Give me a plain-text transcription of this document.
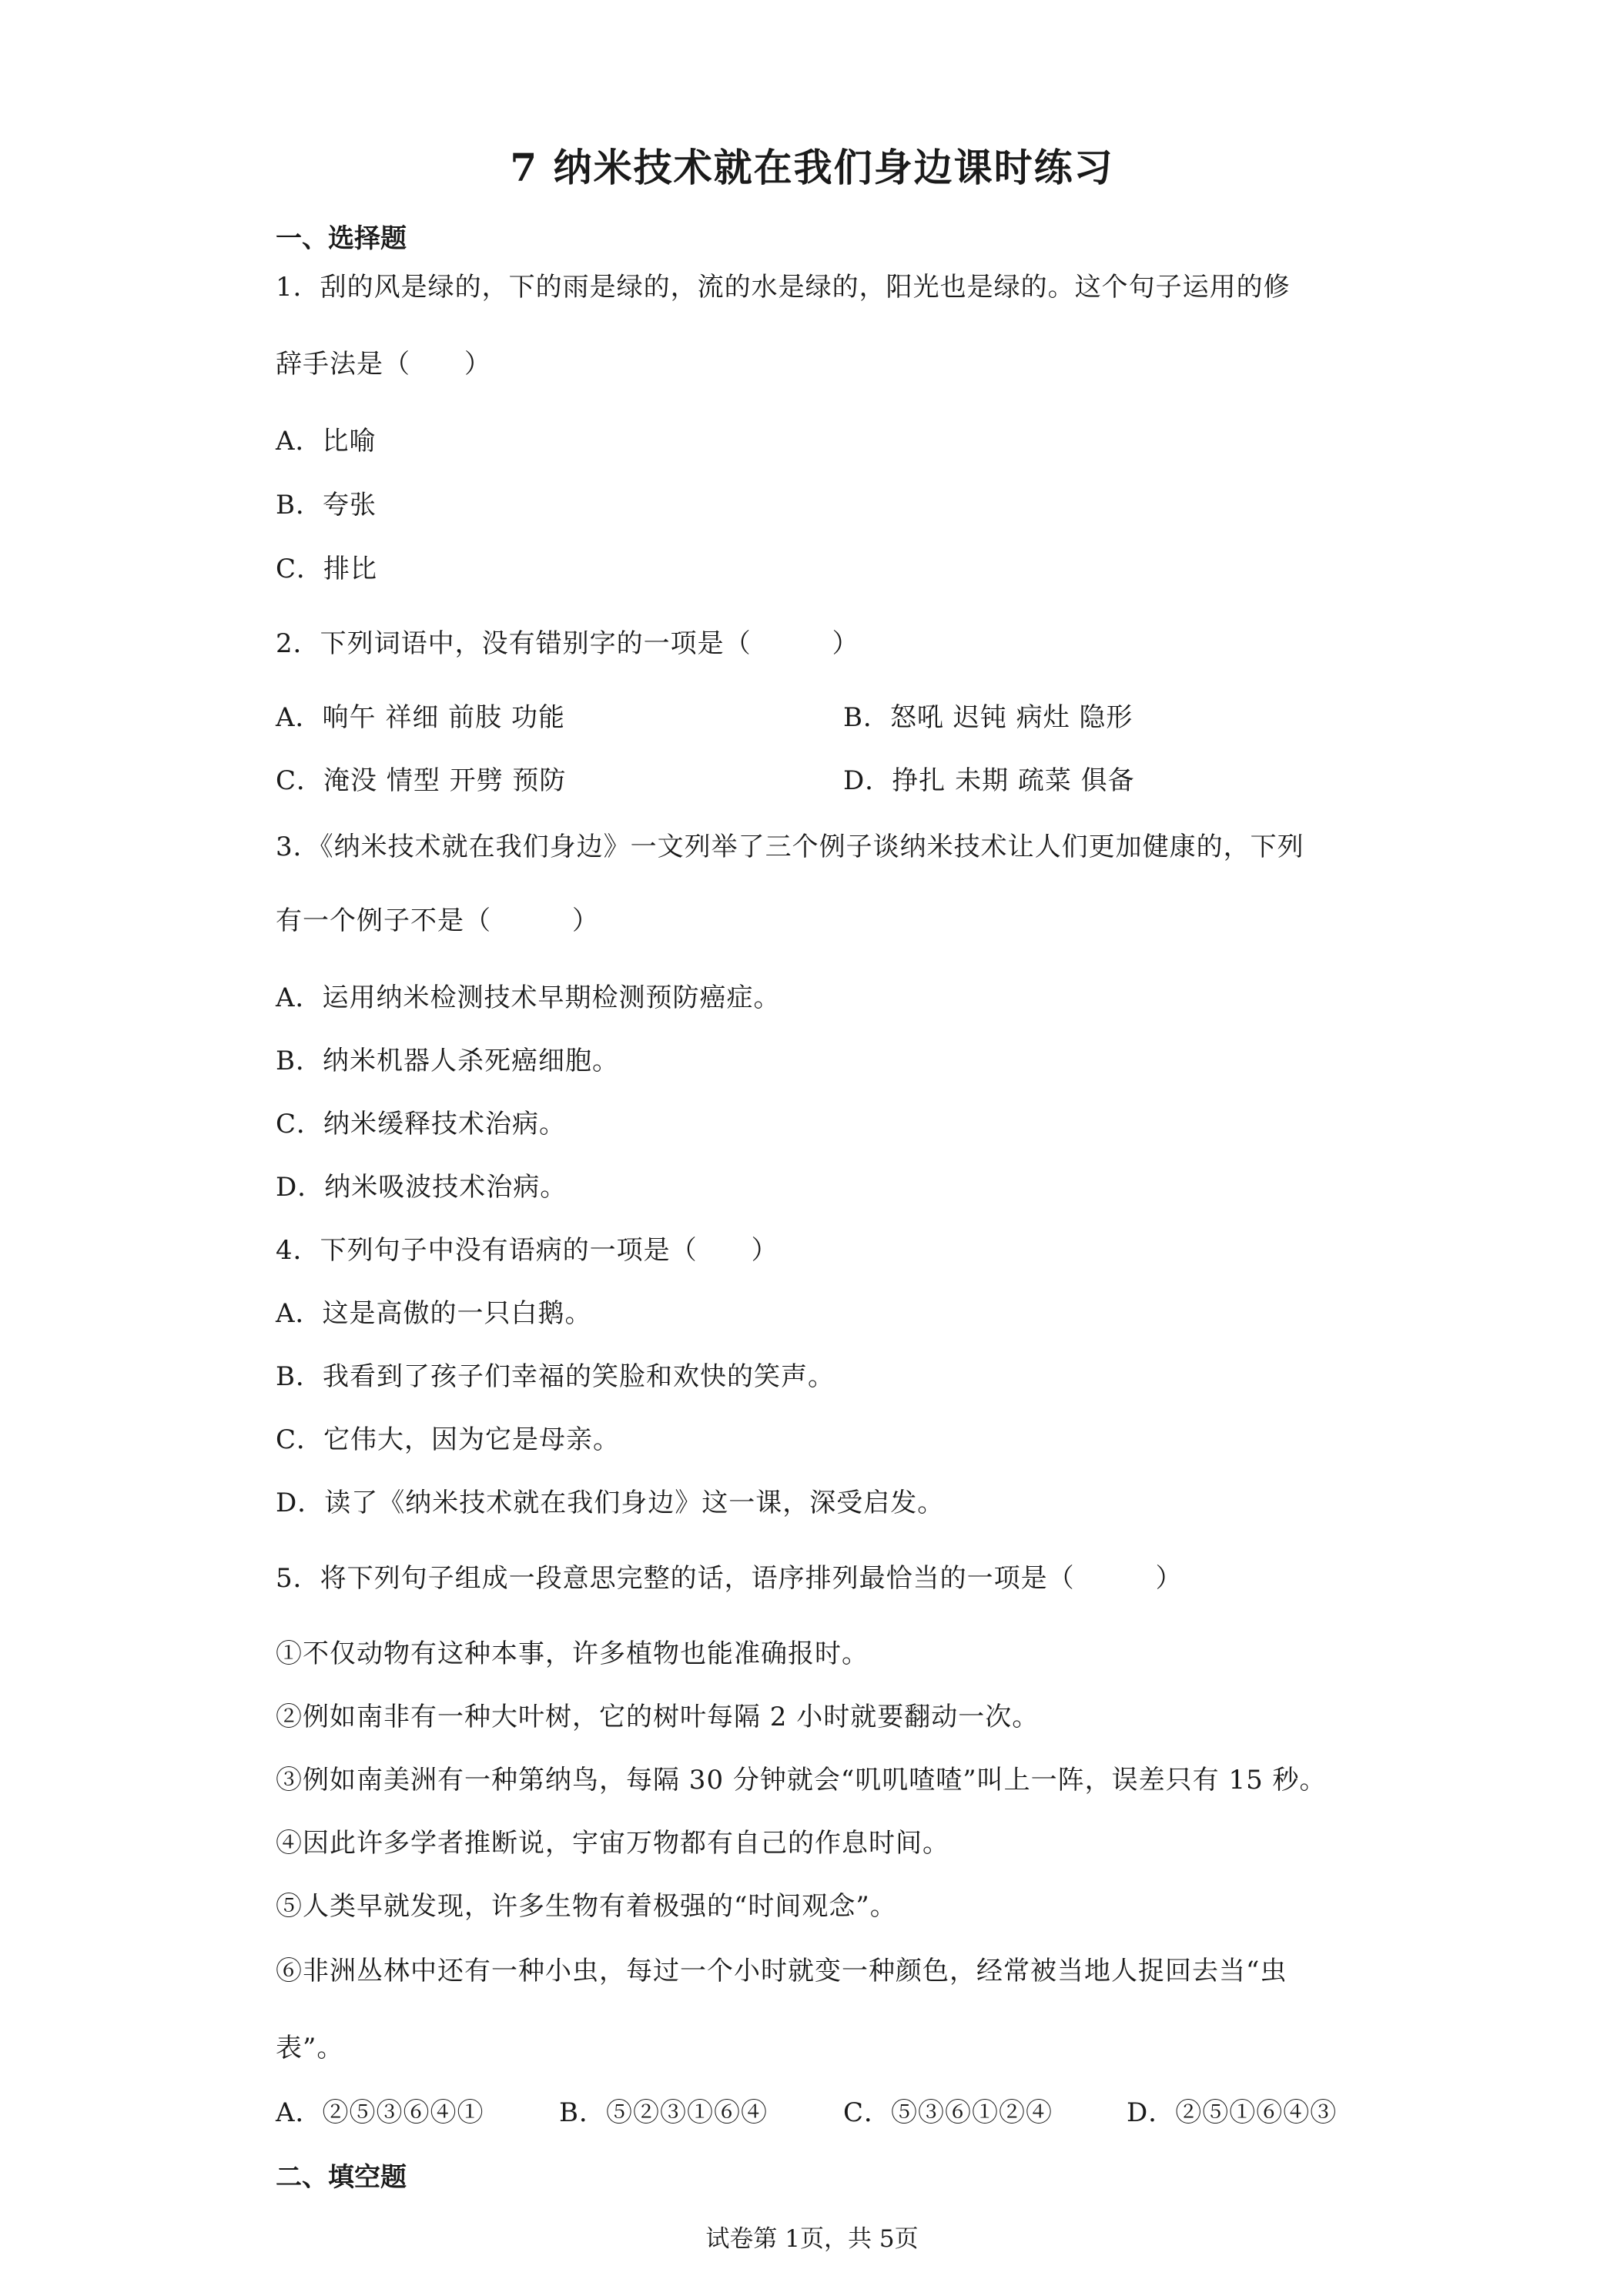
7 纳米技术就在我们身边课时练习
一、选择题
1．刮的风是绿的，下的雨是绿的，流的水是绿的，阳光也是绿的。这个句子运用的修
辞手法是（　　）
A．比喻
B．夸张
C．排比
2．下列词语中，没有错别字的一项是（　　　）
A．响午 祥细 前肢 功能	B．怒吼 迟钝 病灶 隐形
C．淹没 情型 开劈 预防	D．挣扎 未期 疏菜 俱备
3．《纳米技术就在我们身边》一文列举了三个例子谈纳米技术让人们更加健康的，下列
有一个例子不是（　　　）
A．运用纳米检测技术早期检测预防癌症。
B．纳米机器人杀死癌细胞。
C．纳米缓释技术治病。
D．纳米吸波技术治病。
4．下列句子中没有语病的一项是（　　）
A．这是高傲的一只白鹅。
B．我看到了孩子们幸福的笑脸和欢快的笑声。
C．它伟大，因为它是母亲。
D．读了《纳米技术就在我们身边》这一课，深受启发。
5．将下列句子组成一段意思完整的话，语序排列最恰当的一项是（　　　）
①不仅动物有这种本事，许多植物也能准确报时。
②例如南非有一种大叶树，它的树叶每隔 2 小时就要翻动一次。
③例如南美洲有一种第纳鸟，每隔 30 分钟就会“叽叽喳喳”叫上一阵，误差只有 15 秒。
④因此许多学者推断说，宇宙万物都有自己的作息时间。
⑤人类早就发现，许多生物有着极强的“时间观念”。
⑥非洲丛林中还有一种小虫，每过一个小时就变一种颜色，经常被当地人捉回去当“虫
表”。
A．②⑤③⑥④①	B．⑤②③①⑥④	C．⑤③⑥①②④	D．②⑤①⑥④③
二、填空题
试卷第 1页，共 5页
